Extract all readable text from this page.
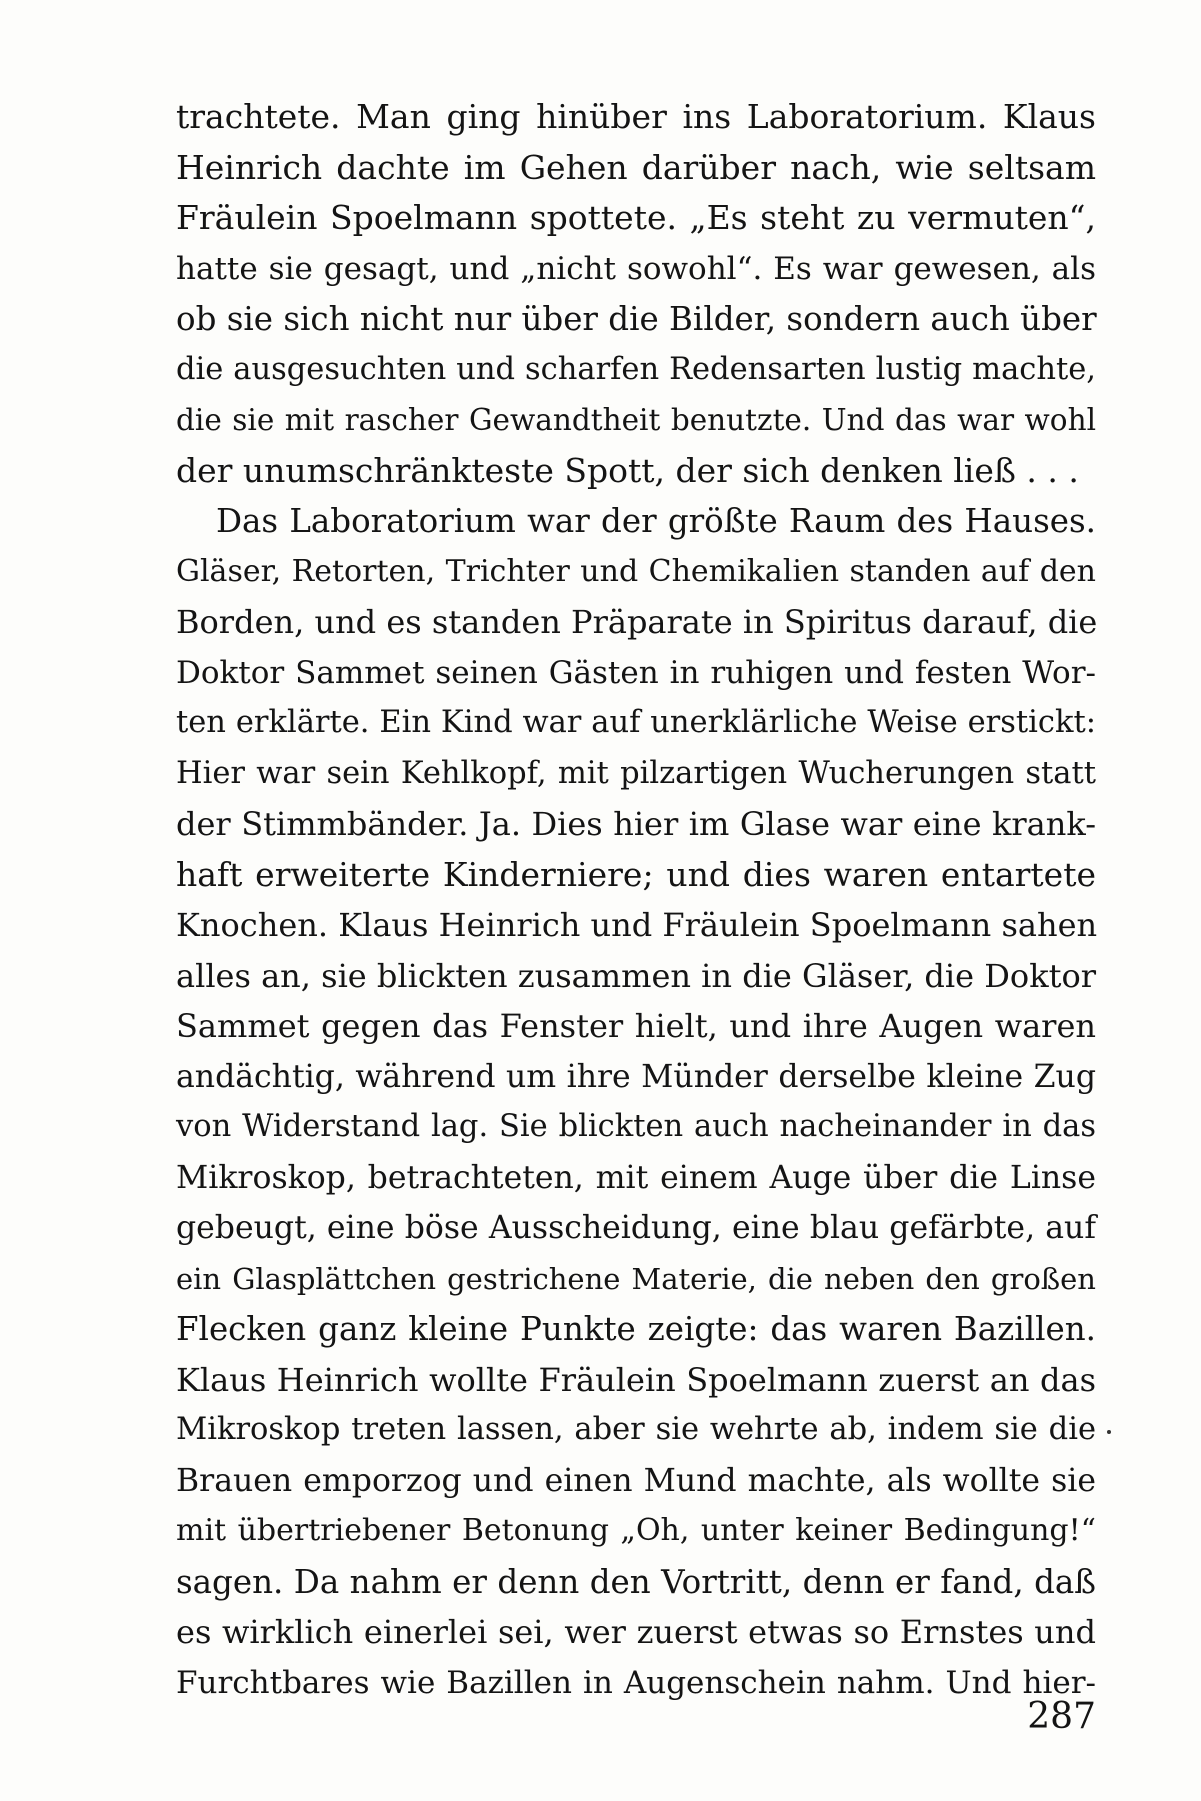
trachtete. Man ging hinüber ins Laboratorium. Klaus
Heinrich dachte im Gehen darüber nach, wie seltsam
Fräulein Spoelmann spottete. „Es steht zu vermuten“,
hatte sie gesagt, und „nicht sowohl“. Es war gewesen, als
ob sie sich nicht nur über die Bilder, sondern auch über
die ausgesuchten und scharfen Redensarten lustig machte,
die sie mit rascher Gewandtheit benutzte. Und das war wohl
der unumschränkteste Spott, der sich denken ließ . . .
Das Laboratorium war der größte Raum des Hauses.
Gläser, Retorten, Trichter und Chemikalien standen auf den
Borden, und es standen Präparate in Spiritus darauf, die
Doktor Sammet seinen Gästen in ruhigen und festen Wor-
ten erklärte. Ein Kind war auf unerklärliche Weise erstickt:
Hier war sein Kehlkopf, mit pilzartigen Wucherungen statt
der Stimmbänder. Ja. Dies hier im Glase war eine krank-
haft erweiterte Kinderniere; und dies waren entartete
Knochen. Klaus Heinrich und Fräulein Spoelmann sahen
alles an, sie blickten zusammen in die Gläser, die Doktor
Sammet gegen das Fenster hielt, und ihre Augen waren
andächtig, während um ihre Münder derselbe kleine Zug
von Widerstand lag. Sie blickten auch nacheinander in das
Mikroskop, betrachteten, mit einem Auge über die Linse
gebeugt, eine böse Ausscheidung, eine blau gefärbte, auf
ein Glasplättchen gestrichene Materie, die neben den großen
Flecken ganz kleine Punkte zeigte: das waren Bazillen.
Klaus Heinrich wollte Fräulein Spoelmann zuerst an das
Mikroskop treten lassen, aber sie wehrte ab, indem sie die
Brauen emporzog und einen Mund machte, als wollte sie
mit übertriebener Betonung „Oh, unter keiner Bedingung!“
sagen. Da nahm er denn den Vortritt, denn er fand, daß
es wirklich einerlei sei, wer zuerst etwas so Ernstes und
Furchtbares wie Bazillen in Augenschein nahm. Und hier-
287
